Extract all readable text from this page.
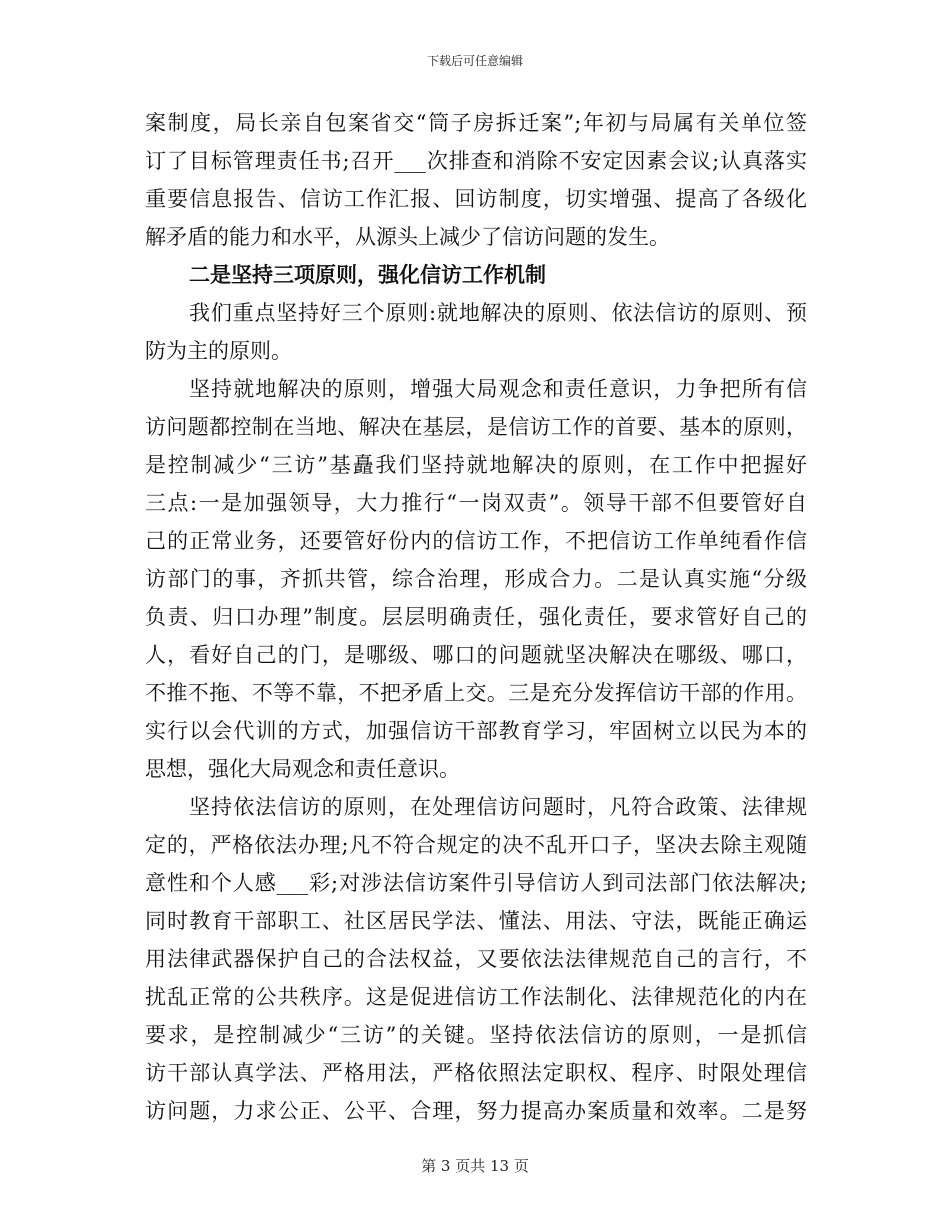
下载后可任意编辑
案制度，局长亲自包案省交“筒子房拆迁案”;年初与局属有关单位签
订了目标管理责任书;召开___次排查和消除不安定因素会议;认真落实
重要信息报告、信访工作汇报、回访制度，切实增强、提高了各级化
解矛盾的能力和水平，从源头上减少了信访问题的发生。
二是坚持三项原则，强化信访工作机制
我们重点坚持好三个原则:就地解决的原则、依法信访的原则、预
防为主的原则。
坚持就地解决的原则，增强大局观念和责任意识，力争把所有信
访问题都控制在当地、解决在基层，是信访工作的首要、基本的原则，
是控制减少“三访”基矗我们坚持就地解决的原则，在工作中把握好
三点:一是加强领导，大力推行“一岗双责”。领导干部不但要管好自
己的正常业务，还要管好份内的信访工作，不把信访工作单纯看作信
访部门的事，齐抓共管，综合治理，形成合力。二是认真实施“分级
负责、归口办理”制度。层层明确责任，强化责任，要求管好自己的
人，看好自己的门，是哪级、哪口的问题就坚决解决在哪级、哪口，
不推不拖、不等不靠，不把矛盾上交。三是充分发挥信访干部的作用。
实行以会代训的方式，加强信访干部教育学习，牢固树立以民为本的
思想，强化大局观念和责任意识。
坚持依法信访的原则，在处理信访问题时，凡符合政策、法律规
定的，严格依法办理;凡不符合规定的决不乱开口子，坚决去除主观随
意性和个人感___彩;对涉法信访案件引导信访人到司法部门依法解决;
同时教育干部职工、社区居民学法、懂法、用法、守法，既能正确运
用法律武器保护自己的合法权益，又要依法法律规范自己的言行，不
扰乱正常的公共秩序。这是促进信访工作法制化、法律规范化的内在
要求，是控制减少“三访”的关键。坚持依法信访的原则，一是抓信
访干部认真学法、严格用法，严格依照法定职权、程序、时限处理信
访问题，力求公正、公平、合理，努力提高办案质量和效率。二是努
第 3 页共 13 页
